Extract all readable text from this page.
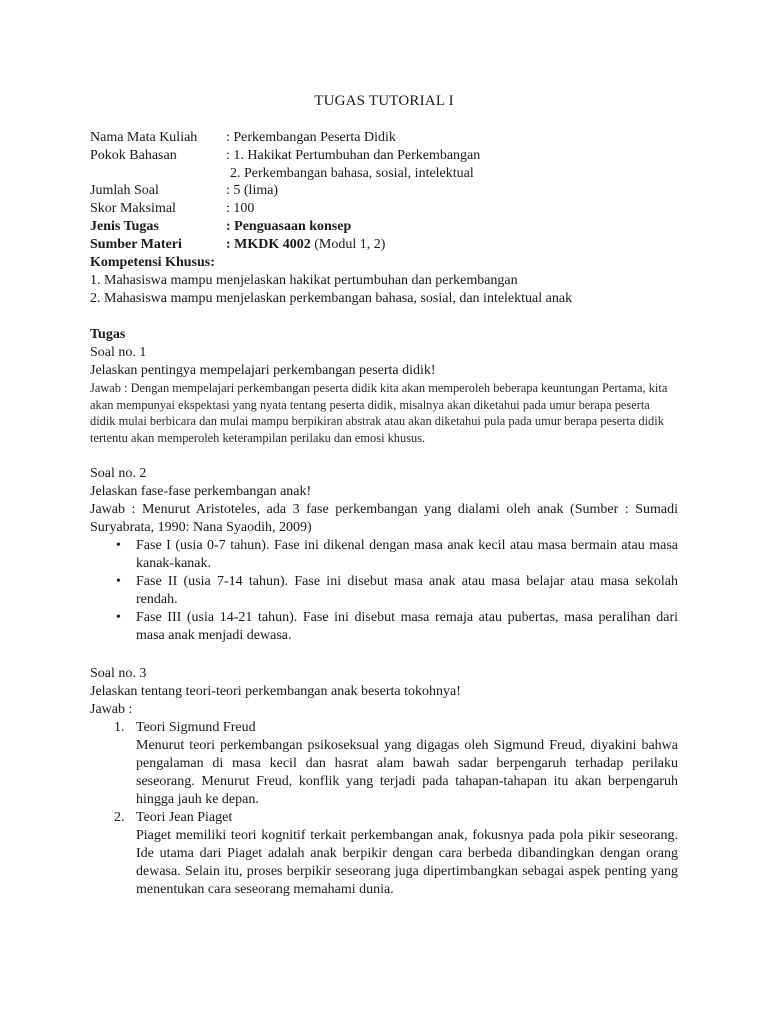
TUGAS TUTORIAL I
Nama Mata Kuliah	: Perkembangan Peserta Didik
Pokok Bahasan	: 1. Hakikat Pertumbuhan dan Perkembangan
2. Perkembangan bahasa, sosial, intelektual
Jumlah Soal	: 5 (lima)
Skor Maksimal	: 100
Jenis Tugas	: Penguasaan konsep
Sumber Materi	: MKDK 4002 (Modul 1, 2)
Kompetensi Khusus:
1. Mahasiswa mampu menjelaskan hakikat pertumbuhan dan perkembangan
2. Mahasiswa mampu menjelaskan perkembangan bahasa, sosial, dan intelektual anak
Tugas
Soal no. 1
Jelaskan pentingya mempelajari perkembangan peserta didik!
Jawab : Dengan mempelajari perkembangan peserta didik kita akan memperoleh beberapa keuntungan Pertama, kita akan mempunyai ekspektasi yang nyata tentang peserta didik, misalnya akan diketahui pada umur berapa peserta didik mulai berbicara dan mulai mampu berpikiran abstrak atau akan diketahui pula pada umur berapa peserta didik tertentu akan memperoleh keterampilan perilaku dan emosi khusus.
Soal no. 2
Jelaskan fase-fase perkembangan anak!
Jawab : Menurut Aristoteles, ada 3 fase perkembangan yang dialami oleh anak (Sumber : Sumadi Suryabrata, 1990: Nana Syaodih, 2009)
• Fase I (usia 0-7 tahun). Fase ini dikenal dengan masa anak kecil atau masa bermain atau masa kanak-kanak.
• Fase II (usia 7-14 tahun). Fase ini disebut masa anak atau masa belajar atau masa sekolah rendah.
• Fase III (usia 14-21 tahun). Fase ini disebut masa remaja atau pubertas, masa peralihan dari masa anak menjadi dewasa.
Soal no. 3
Jelaskan tentang teori-teori perkembangan anak beserta tokohnya!
Jawab :
1. Teori Sigmund Freud
Menurut teori perkembangan psikoseksual yang digagas oleh Sigmund Freud, diyakini bahwa pengalaman di masa kecil dan hasrat alam bawah sadar berpengaruh terhadap perilaku seseorang. Menurut Freud, konflik yang terjadi pada tahapan-tahapan itu akan berpengaruh hingga jauh ke depan.
2. Teori Jean Piaget
Piaget memiliki teori kognitif terkait perkembangan anak, fokusnya pada pola pikir seseorang. Ide utama dari Piaget adalah anak berpikir dengan cara berbeda dibandingkan dengan orang dewasa. Selain itu, proses berpikir seseorang juga dipertimbangkan sebagai aspek penting yang menentukan cara seseorang memahami dunia.
